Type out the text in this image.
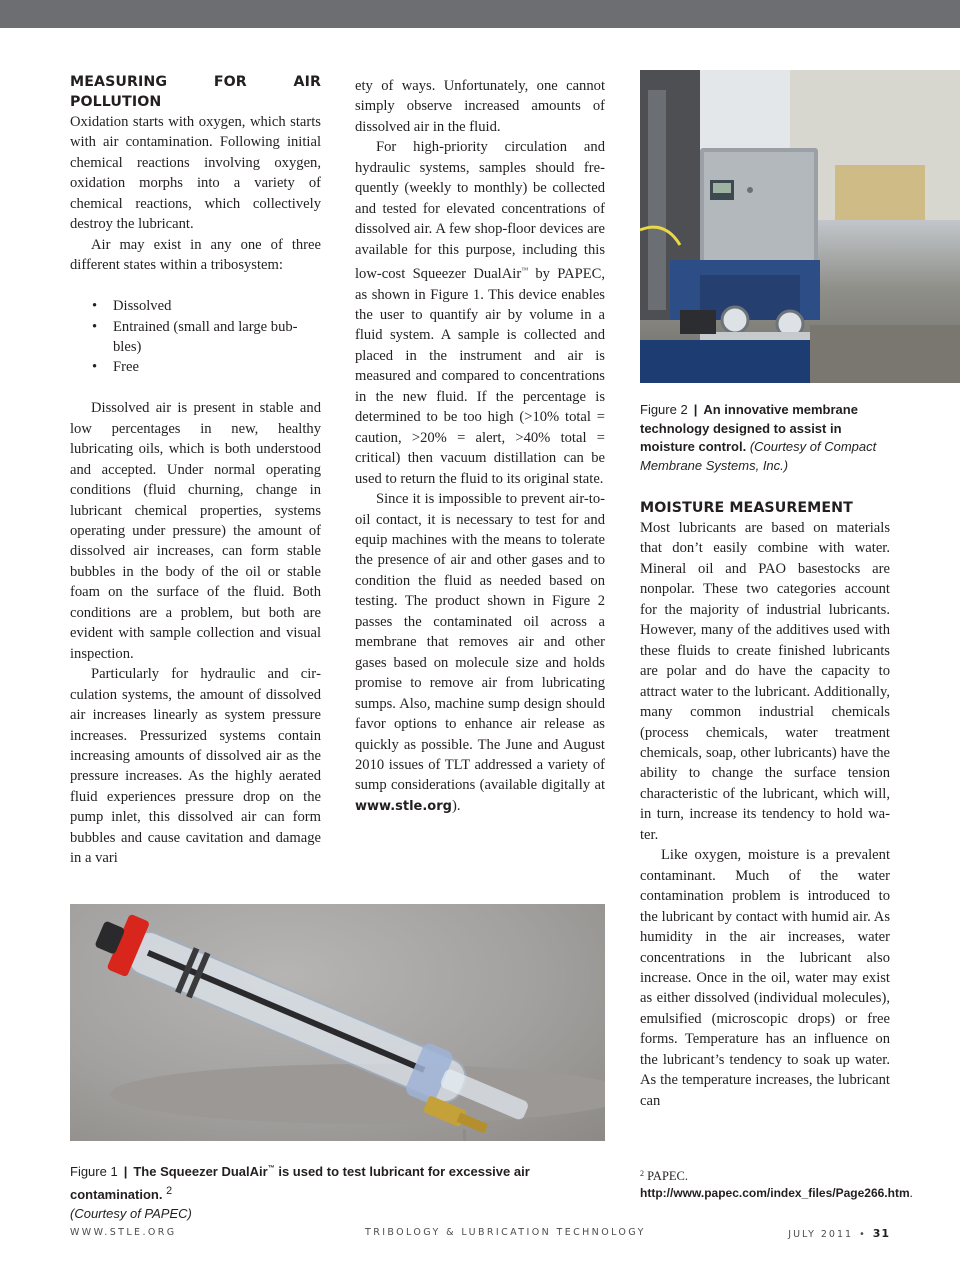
MEASURING FOR AIR POLLUTION

Oxidation starts with oxygen, which starts with air contamination. Following initial chemical reactions involving oxygen, oxidation morphs into a variety of chemical reactions, which collectively destroy the lubricant.

Air may exist in any one of three different states within a tribosystem:

• Dissolved
• Entrained (small and large bubbles)
• Free

Dissolved air is present in stable and low percentages in new, healthy lubricating oils, which is both understood and accepted. Under normal operating conditions (fluid churning, change in lubricant chemical properties, systems operating under pressure) the amount of dissolved air increases, can form stable bubbles in the body of the oil or stable foam on the surface of the fluid. Both conditions are a problem, but both are evident with sample collection and visual inspection.

Particularly for hydraulic and circulation systems, the amount of dissolved air increases linearly as system pressure increases. Pressurized systems contain increasing amounts of dissolved air as the pressure increases. As the highly aerated fluid experiences pressure drop on the pump inlet, this dissolved air can form bubbles and cause cavitation and damage in a vari

ety of ways. Unfortunately, one cannot simply observe increased amounts of dissolved air in the fluid.

For high-priority circulation and hydraulic systems, samples should frequently (weekly to monthly) be collected and tested for elevated concentrations of dissolved air. A few shop-floor devices are available for this purpose, including this low-cost Squeezer DualAir™ by PAPEC, as shown in Figure 1. This device enables the user to quantify air by volume in a fluid system. A sample is collected and placed in the instrument and air is measured and compared to concentrations in the new fluid. If the percentage is determined to be too high (>10% total = caution, >20% = alert, >40% total = critical) then vacuum distillation can be used to return the fluid to its original state.

Since it is impossible to prevent air-to-oil contact, it is necessary to test for and equip machines with the means to tolerate the presence of air and other gases and to condition the fluid as needed based on testing. The product shown in Figure 2 passes the contaminated oil across a membrane that removes air and other gases based on molecule size and holds promise to remove air from lubricating sumps. Also, machine sump design should favor options to enhance air release as quickly as possible. The June and August 2010 issues of TLT addressed a variety of sump considerations (available digitally at www.stle.org).

Figure 2 | An innovative membrane technology designed to assist in moisture control. (Courtesy of Compact Membrane Systems, Inc.)
MOISTURE MEASUREMENT

Most lubricants are based on materials that don’t easily combine with water. Mineral oil and PAO basestocks are nonpolar. These two categories account for the majority of industrial lubricants. However, many of the additives used with these fluids to create finished lubricants are polar and do have the capacity to attract water to the lubricant. Additionally, many common industrial chemicals (process chemicals, water treatment chemicals, soap, other lubricants) have the ability to change the surface tension characteristic of the lubricant, which will, in turn, increase its tendency to hold water.

Like oxygen, moisture is a prevalent contaminant. Much of the water contamination problem is introduced to the lubricant by contact with humid air. As humidity in the air increases, water concentrations in the lubricant also increase. Once in the oil, water may exist as either dissolved (individual molecules), emulsified (microscopic drops) or free forms. Temperature has an influence on the lubricant’s tendency to soak up water. As the temperature increases, the lubricant can

Figure 1 | The Squeezer DualAir™ is used to test lubricant for excessive air contamination. $^2$
(Courtesy of PAPEC)
$^2$ PAPEC. http://www.papec.com/index_files/Page266.htm.
WWW.STLE.ORG	TRIBOLOGY & LUBRICATION TECHNOLOGY	JULY 2011 • 31
